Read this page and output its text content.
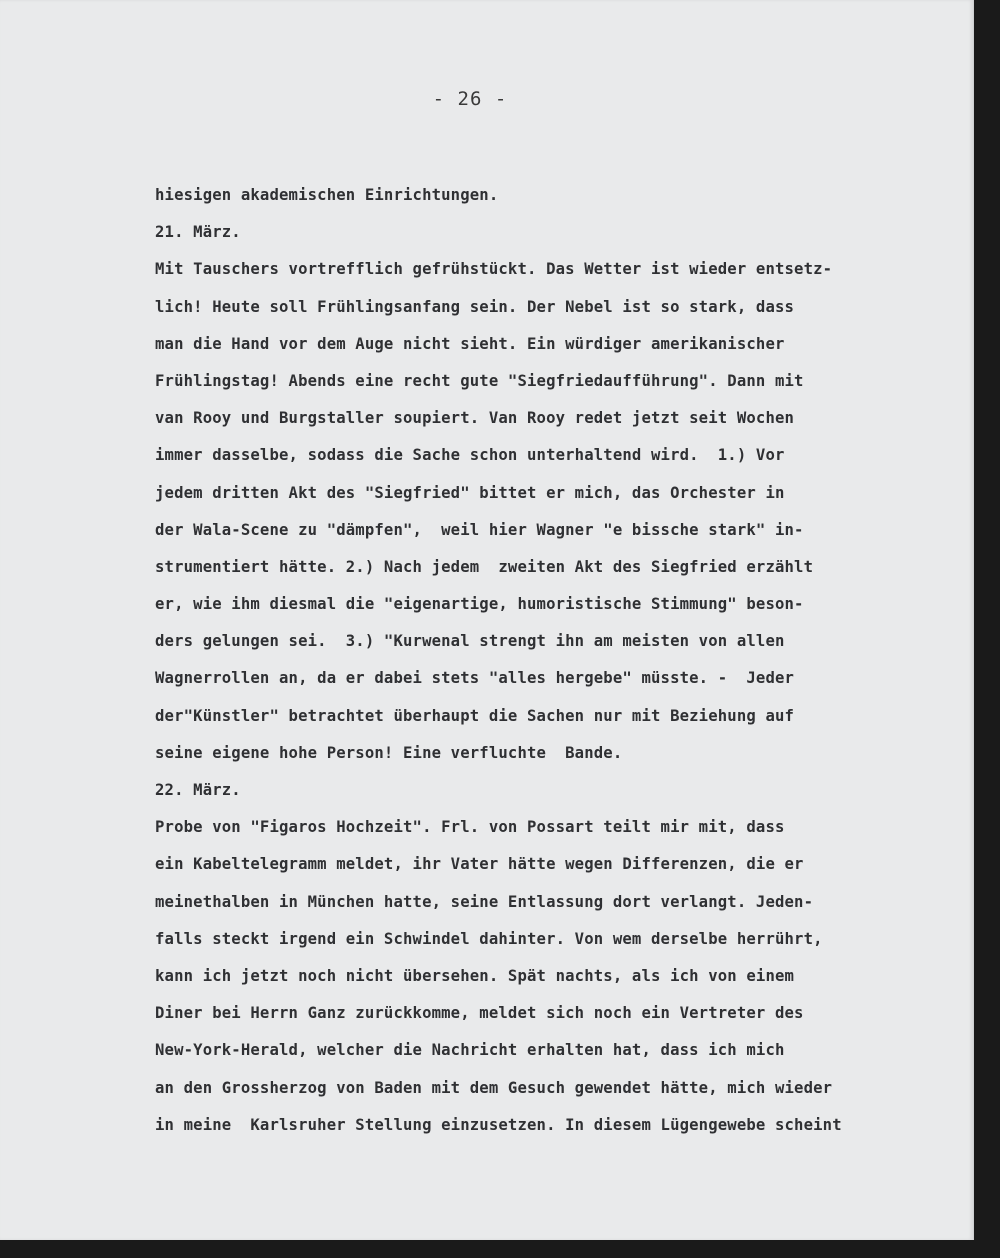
- 26 -
hiesigen akademischen Einrichtungen.
21. März.
Mit Tauschers vortrefflich gefrühstückt. Das Wetter ist wieder entsetz-
lich! Heute soll Frühlingsanfang sein. Der Nebel ist so stark, dass
man die Hand vor dem Auge nicht sieht. Ein würdiger amerikanischer
Frühlingstag! Abends eine recht gute "Siegfriedaufführung". Dann mit
van Rooy und Burgstaller soupiert. Van Rooy redet jetzt seit Wochen
immer dasselbe, sodass die Sache schon unterhaltend wird.  1.) Vor
jedem dritten Akt des "Siegfried" bittet er mich, das Orchester in
der Wala-Scene zu "dämpfen",  weil hier Wagner "e bissche stark" in-
strumentiert hätte. 2.) Nach jedem  zweiten Akt des Siegfried erzählt
er, wie ihm diesmal die "eigenartige, humoristische Stimmung" beson-
ders gelungen sei.  3.) "Kurwenal strengt ihn am meisten von allen
Wagnerrollen an, da er dabei stets "alles hergebe" müsste. -  Jeder
der"Künstler" betrachtet überhaupt die Sachen nur mit Beziehung auf
seine eigene hohe Person! Eine verfluchte  Bande.
22. März.
Probe von "Figaros Hochzeit". Frl. von Possart teilt mir mit, dass
ein Kabeltelegramm meldet, ihr Vater hätte wegen Differenzen, die er
meinethalben in München hatte, seine Entlassung dort verlangt. Jeden-
falls steckt irgend ein Schwindel dahinter. Von wem derselbe herrührt,
kann ich jetzt noch nicht übersehen. Spät nachts, als ich von einem
Diner bei Herrn Ganz zurückkomme, meldet sich noch ein Vertreter des
New-York-Herald, welcher die Nachricht erhalten hat, dass ich mich
an den Grossherzog von Baden mit dem Gesuch gewendet hätte, mich wieder
in meine  Karlsruher Stellung einzusetzen. In diesem Lügengewebe scheint
